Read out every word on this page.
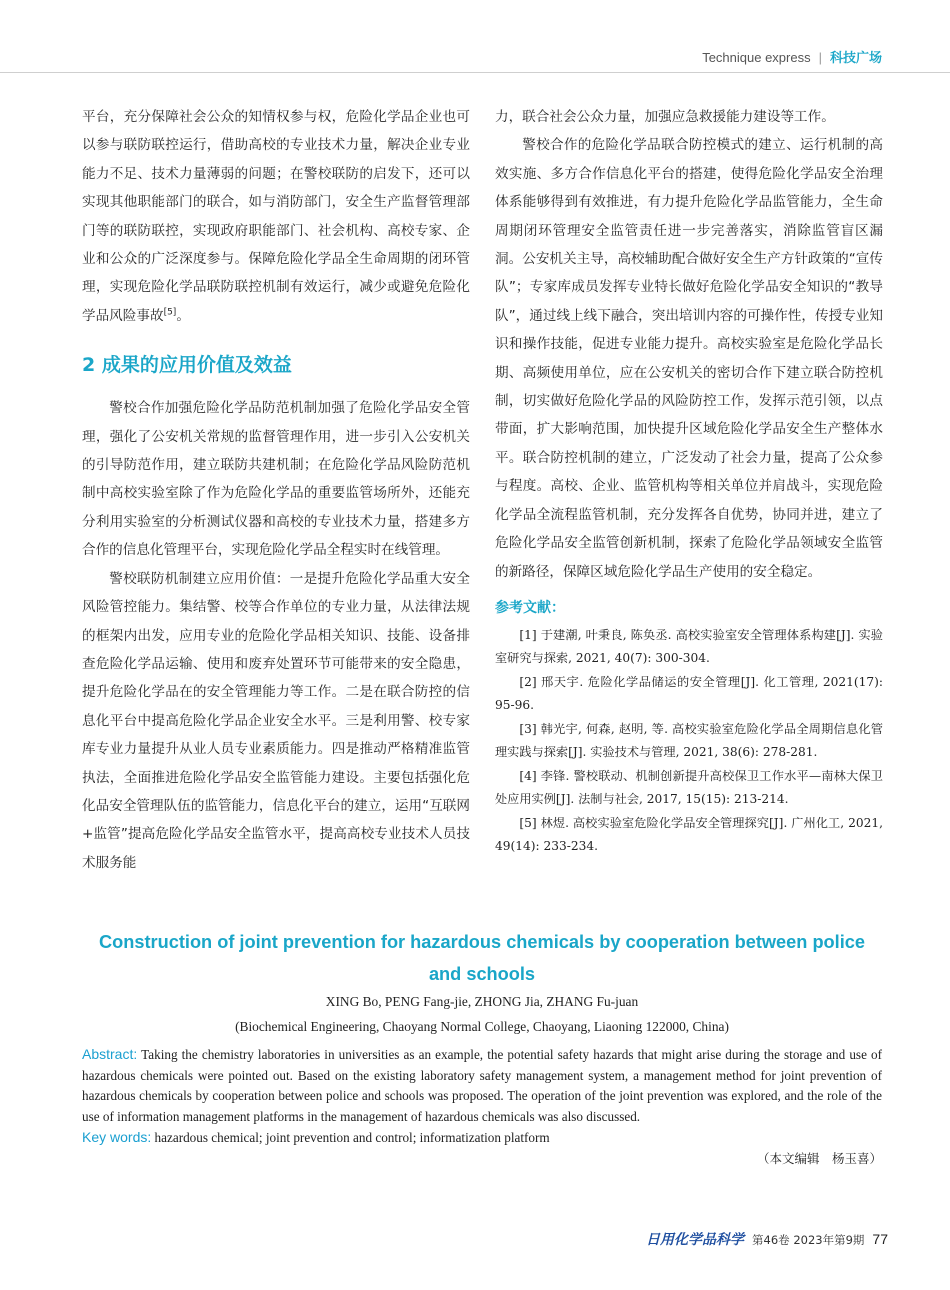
Technique express | 科技广场

平台，充分保障社会公众的知情权参与权，危险化学品企业也可以参与联防联控运行，借助高校的专业技术力量，解决企业专业能力不足、技术力量薄弱的问题；在警校联防的启发下，还可以实现其他职能部门的联合，如与消防部门，安全生产监督管理部门等的联防联控，实现政府职能部门、社会机构、高校专家、企业和公众的广泛深度参与。保障危险化学品全生命周期的闭环管理，实现危险化学品联防联控机制有效运行，减少或避免危险化学品风险事故[5]。

2 成果的应用价值及效益

警校合作加强危险化学品防范机制加强了危险化学品安全管理，强化了公安机关常规的监督管理作用，进一步引入公安机关的引导防范作用，建立联防共建机制；在危险化学品风险防范机制中高校实验室除了作为危险化学品的重要监管场所外，还能充分利用实验室的分析测试仪器和高校的专业技术力量，搭建多方合作的信息化管理平台，实现危险化学品全程实时在线管理。

警校联防机制建立应用价值：一是提升危险化学品重大安全风险管控能力。集结警、校等合作单位的专业力量，从法律法规的框架内出发，应用专业的危险化学品相关知识、技能、设备排查危险化学品运输、使用和废弃处置环节可能带来的安全隐患，提升危险化学品在的安全管理能力等工作。二是在联合防控的信息化平台中提高危险化学品企业安全水平。三是利用警、校专家库专业力量提升从业人员专业素质能力。四是推动严格精准监管执法，全面推进危险化学品安全监管能力建设。主要包括强化危化品安全管理队伍的监管能力，信息化平台的建立，运用“互联网+监管”提高危险化学品安全监管水平，提高高校专业技术人员技术服务能

力，联合社会公众力量，加强应急救援能力建设等工作。

警校合作的危险化学品联合防控模式的建立、运行机制的高效实施、多方合作信息化平台的搭建，使得危险化学品安全治理体系能够得到有效推进，有力提升危险化学品监管能力，全生命周期闭环管理安全监管责任进一步完善落实，消除监管盲区漏洞。公安机关主导，高校辅助配合做好安全生产方针政策的“宣传队”；专家库成员发挥专业特长做好危险化学品安全知识的“教导队”，通过线上线下融合，突出培训内容的可操作性，传授专业知识和操作技能，促进专业能力提升。高校实验室是危险化学品长期、高频使用单位，应在公安机关的密切合作下建立联合防控机制，切实做好危险化学品的风险防控工作，发挥示范引领，以点带面，扩大影响范围，加快提升区域危险化学品安全生产整体水平。联合防控机制的建立，广泛发动了社会力量，提高了公众参与程度。高校、企业、监管机构等相关单位并肩战斗，实现危险化学品全流程监管机制，充分发挥各自优势，协同并进，建立了危险化学品安全监管创新机制，探索了危险化学品领域安全监管的新路径，保障区域危险化学品生产使用的安全稳定。

参考文献：

[1] 于建潮, 叶秉良, 陈奂丞. 高校实验室安全管理体系构建[J]. 实验室研究与探索, 2021, 40(7): 300-304.

[2] 邢天宇. 危险化学品储运的安全管理[J]. 化工管理, 2021(17): 95-96.

[3] 韩光宇, 何森, 赵明, 等. 高校实验室危险化学品全周期信息化管理实践与探索[J]. 实验技术与管理, 2021, 38(6): 278-281.

[4] 李锋. 警校联动、机制创新提升高校保卫工作水平—南林大保卫处应用实例[J]. 法制与社会, 2017, 15(15): 213-214.

[5] 林煜. 高校实验室危险化学品安全管理探究[J]. 广州化工, 2021, 49(14): 233-234.

Construction of joint prevention for hazardous chemicals by cooperation between police and schools
XING Bo, PENG Fang-jie, ZHONG Jia, ZHANG Fu-juan
(Biochemical Engineering, Chaoyang Normal College, Chaoyang, Liaoning 122000, China)

Abstract: Taking the chemistry laboratories in universities as an example, the potential safety hazards that might arise during the storage and use of hazardous chemicals were pointed out. Based on the existing laboratory safety management system, a management method for joint prevention of hazardous chemicals by cooperation between police and schools was proposed. The operation of the joint prevention was explored, and the role of the use of information management platforms in the management of hazardous chemicals was also discussed.

Key words: hazardous chemical; joint prevention and control; informatization platform

（本文编辑　杨玉喜）
日用化学品科学 第46卷 2023年第9期 77
